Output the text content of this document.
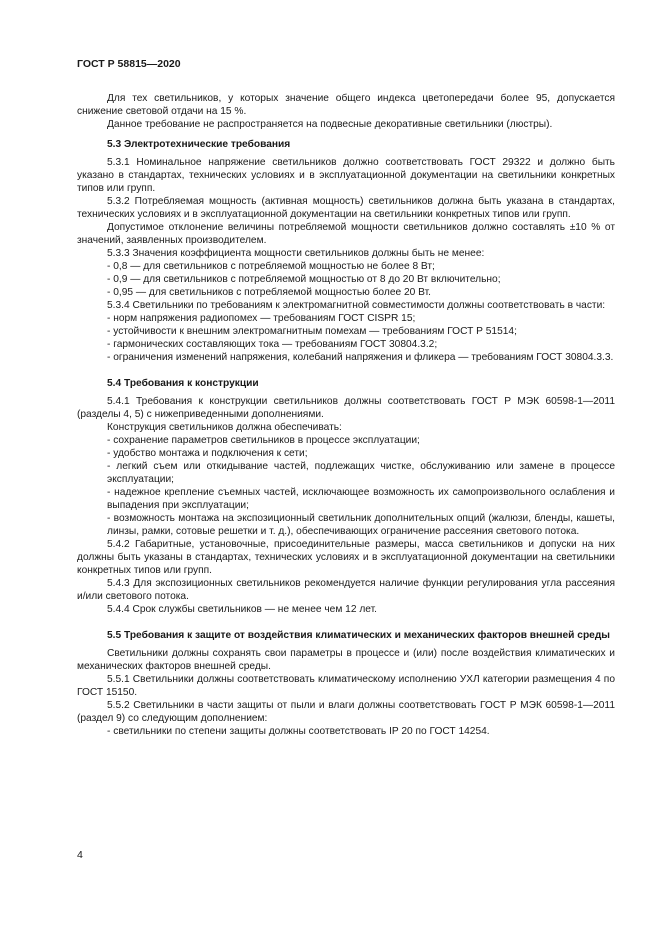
ГОСТ Р 58815—2020
Для тех светильников, у которых значение общего индекса цветопередачи более 95, допускается снижение световой отдачи на 15 %.
Данное требование не распространяется на подвесные декоративные светильники (люстры).
5.3 Электротехнические требования
5.3.1 Номинальное напряжение светильников должно соответствовать ГОСТ 29322 и должно быть указано в стандартах, технических условиях и в эксплуатационной документации на светильники конкретных типов или групп.
5.3.2 Потребляемая мощность (активная мощность) светильников должна быть указана в стандартах, технических условиях и в эксплуатационной документации на светильники конкретных типов или групп.
Допустимое отклонение величины потребляемой мощности светильников должно составлять ±10 % от значений, заявленных производителем.
5.3.3 Значения коэффициента мощности светильников должны быть не менее:
- 0,8 — для светильников с потребляемой мощностью не более 8 Вт;
- 0,9 — для светильников с потребляемой мощностью от 8 до 20 Вт включительно;
- 0,95 — для светильников с потребляемой мощностью более 20 Вт.
5.3.4 Светильники по требованиям к электромагнитной совместимости должны соответствовать в части:
- норм напряжения радиопомех — требованиям ГОСТ CISPR 15;
- устойчивости к внешним электромагнитным помехам — требованиям ГОСТ Р 51514;
- гармонических составляющих тока — требованиям ГОСТ 30804.3.2;
- ограничения изменений напряжения, колебаний напряжения и фликера — требованиям ГОСТ 30804.3.3.
5.4 Требования к конструкции
5.4.1 Требования к конструкции светильников должны соответствовать ГОСТ Р МЭК 60598-1—2011 (разделы 4, 5) с нижеприведенными дополнениями.
Конструкция светильников должна обеспечивать:
- сохранение параметров светильников в процессе эксплуатации;
- удобство монтажа и подключения к сети;
- легкий съем или откидывание частей, подлежащих чистке, обслуживанию или замене в процессе эксплуатации;
- надежное крепление съемных частей, исключающее возможность их самопроизвольного ослабления и выпадения при эксплуатации;
- возможность монтажа на экспозиционный светильник дополнительных опций (жалюзи, бленды, кашеты, линзы, рамки, сотовые решетки и т. д.), обеспечивающих ограничение рассеяния светового потока.
5.4.2 Габаритные, установочные, присоединительные размеры, масса светильников и допуски на них должны быть указаны в стандартах, технических условиях и в эксплуатационной документации на светильники конкретных типов или групп.
5.4.3 Для экспозиционных светильников рекомендуется наличие функции регулирования угла рассеяния и/или светового потока.
5.4.4 Срок службы светильников — не менее чем 12 лет.
5.5 Требования к защите от воздействия климатических и механических факторов внешней среды
Светильники должны сохранять свои параметры в процессе и (или) после воздействия климатических и механических факторов внешней среды.
5.5.1 Светильники должны соответствовать климатическому исполнению УХЛ категории размещения 4 по ГОСТ 15150.
5.5.2 Светильники в части защиты от пыли и влаги должны соответствовать ГОСТ Р МЭК 60598-1—2011 (раздел 9) со следующим дополнением:
- светильники по степени защиты должны соответствовать IP 20 по ГОСТ 14254.
4
